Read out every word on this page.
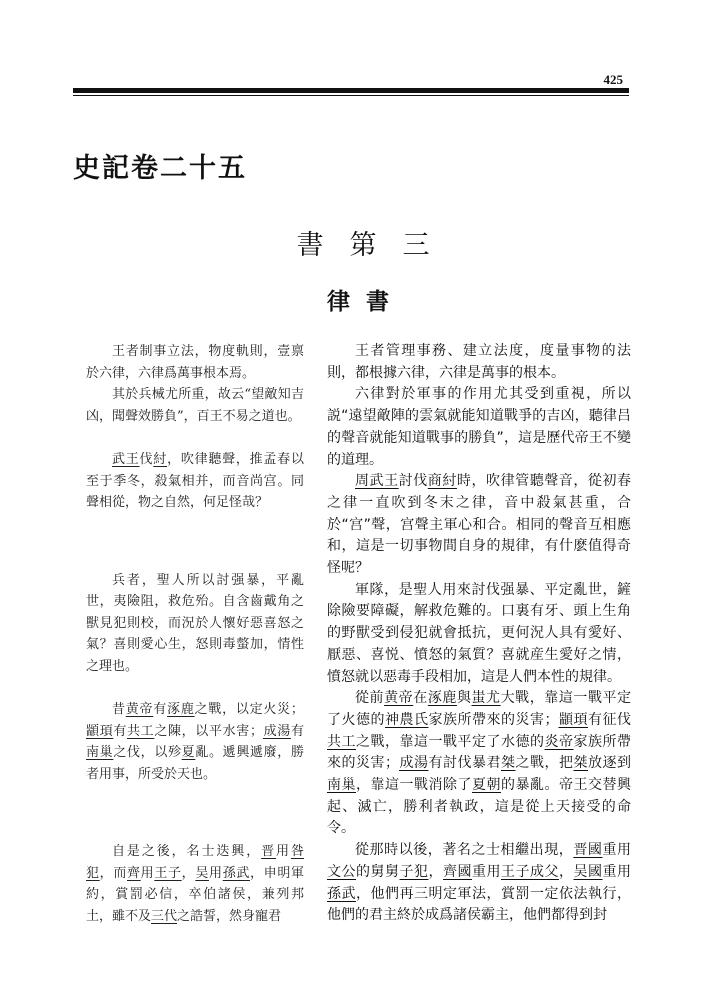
425
史記卷二十五
書第三
律書

王者制事立法，物度軌則，壹禀於六律，六律爲萬事根本焉。

其於兵械尤所重，故云“望敵知吉凶，聞聲效勝負”，百王不易之道也。

武王伐紂，吹律聽聲，推孟春以至于季冬，殺氣相并，而音尚宫。同聲相從，物之自然，何足怪哉？

兵者，聖人所以討强暴，平亂世，夷險阻，救危殆。自含齒戴角之獸見犯則校，而況於人懷好惡喜怒之氣？喜則愛心生，怒則毒螫加，情性之理也。

昔黄帝有涿鹿之戰，以定火災；顓頊有共工之陳，以平水害；成湯有南巢之伐，以殄夏亂。遞興遞廢，勝者用事，所受於天也。

自是之後，名士迭興，晋用咎犯，而齊用王子，吴用孫武，申明軍約，賞罰必信，卒伯諸侯，兼列邦土，雖不及三代之誥誓，然身寵君

王者管理事務、建立法度，度量事物的法則，都根據六律，六律是萬事的根本。

六律對於軍事的作用尤其受到重視，所以説“遠望敵陣的雲氣就能知道戰爭的吉凶，聽律吕的聲音就能知道戰事的勝負”，這是歷代帝王不變的道理。

周武王討伐商紂時，吹律管聽聲音，從初春之律一直吹到冬末之律，音中殺氣甚重，合於“宫”聲，宫聲主軍心和合。相同的聲音互相應和，這是一切事物間自身的規律，有什麽值得奇怪呢？

軍隊，是聖人用來討伐强暴、平定亂世，鏟除險要障礙，解救危難的。口裏有牙、頭上生角的野獸受到侵犯就會抵抗，更何況人具有愛好、厭惡、喜悦、憤怒的氣質？喜就産生愛好之情，憤怒就以惡毒手段相加，這是人們本性的規律。

從前黄帝在涿鹿與蚩尤大戰，靠這一戰平定了火德的神農氏家族所帶來的災害；顓頊有征伐共工之戰，靠這一戰平定了水德的炎帝家族所帶來的災害；成湯有討伐暴君桀之戰，把桀放逐到南巢，靠這一戰消除了夏朝的暴亂。帝王交替興起、滅亡，勝利者執政，這是從上天接受的命令。

從那時以後，著名之士相繼出現，晋國重用文公的舅舅子犯，齊國重用王子成父，吴國重用孫武，他們再三明定軍法，賞罰一定依法執行，他們的君主終於成爲諸侯霸主，他們都得到封
